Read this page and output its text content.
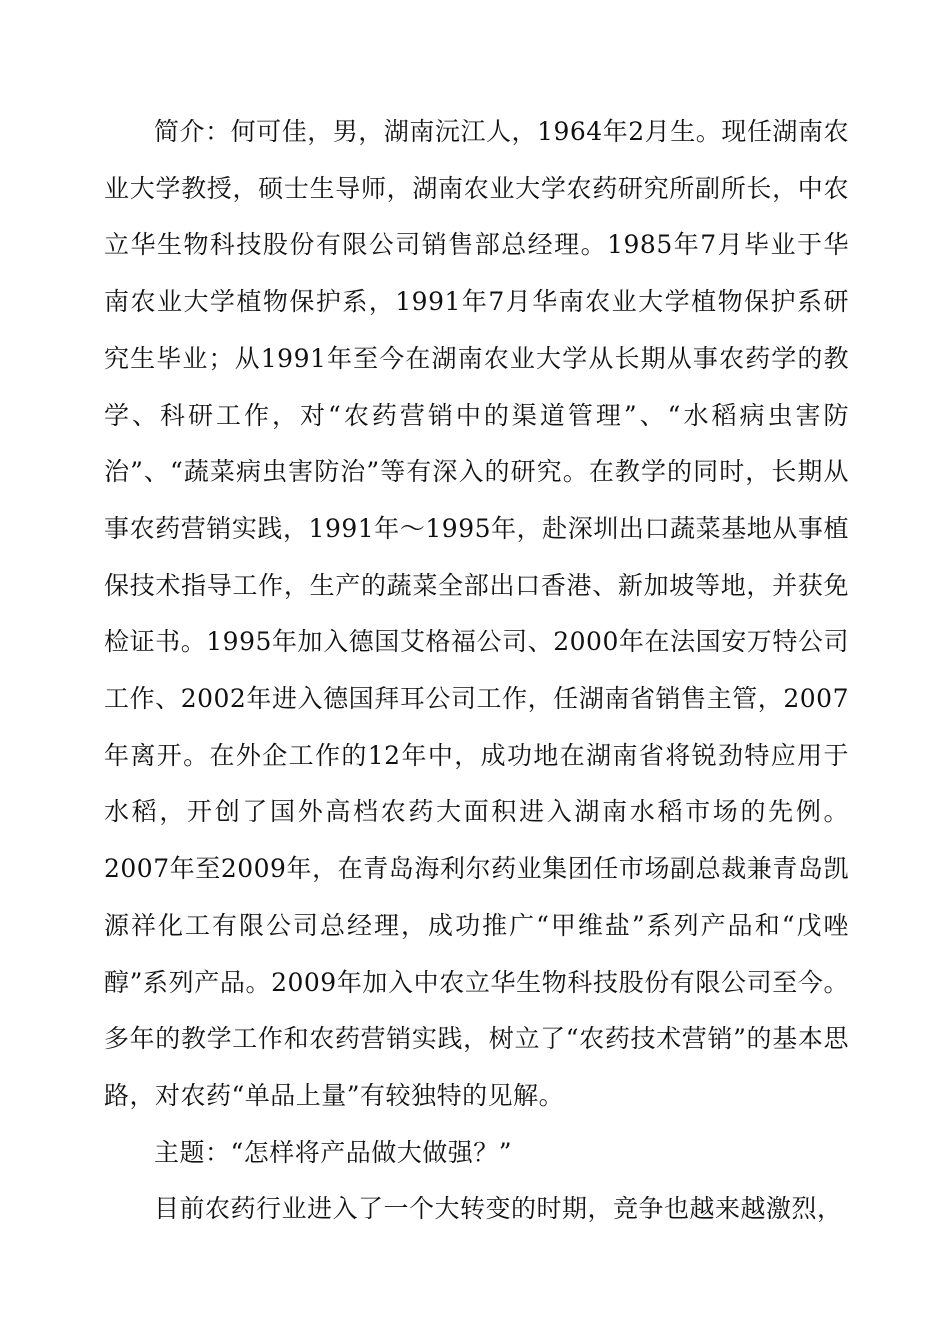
简介：何可佳，男，湖南沅江人，1964年2月生。现任湖南农业大学教授，硕士生导师，湖南农业大学农药研究所副所长，中农立华生物科技股份有限公司销售部总经理。1985年7月毕业于华南农业大学植物保护系，1991年7月华南农业大学植物保护系研究生毕业；从1991年至今在湖南农业大学从长期从事农药学的教学、科研工作，对“农药营销中的渠道管理”、“水稻病虫害防治”、“蔬菜病虫害防治”等有深入的研究。在教学的同时，长期从事农药营销实践，1991年～1995年，赴深圳出口蔬菜基地从事植保技术指导工作，生产的蔬菜全部出口香港、新加坡等地，并获免检证书。1995年加入德国艾格福公司、2000年在法国安万特公司工作、2002年进入德国拜耳公司工作，任湖南省销售主管，2007年离开。在外企工作的12年中，成功地在湖南省将锐劲特应用于水稻，开创了国外高档农药大面积进入湖南水稻市场的先例。2007年至2009年，在青岛海利尔药业集团任市场副总裁兼青岛凯源祥化工有限公司总经理，成功推广“甲维盐”系列产品和“戊唑醇”系列产品。2009年加入中农立华生物科技股份有限公司至今。多年的教学工作和农药营销实践，树立了“农药技术营销”的基本思路，对农药“单品上量”有较独特的见解。

主题：“怎样将产品做大做强？”

目前农药行业进入了一个大转变的时期，竞争也越来越激烈，
